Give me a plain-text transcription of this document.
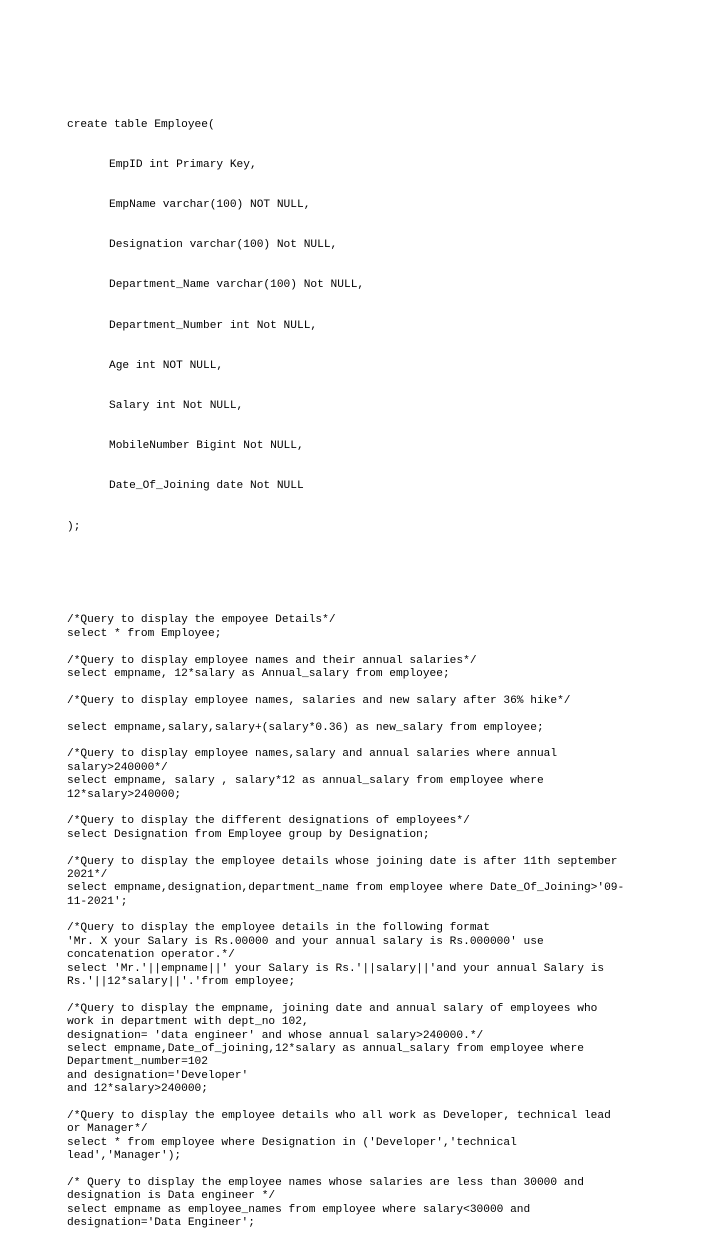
create table Employee(

EmpID int Primary Key,

EmpName varchar(100) NOT NULL,

Designation varchar(100) Not NULL,

Department_Name varchar(100) Not NULL,

Department_Number int Not NULL,

Age int NOT NULL,

Salary int Not NULL,

MobileNumber Bigint Not NULL,

Date_Of_Joining date Not NULL

);

/*Query to display the empoyee Details*/
select * from Employee;
/*Query to display employee names and their annual salaries*/
select empname, 12*salary as Annual_salary from employee;
/*Query to display employee names, salaries and new salary after 36% hike*/
select empname,salary,salary+(salary*0.36) as new_salary from employee;
/*Query to display employee names,salary and annual salaries where annual
salary>240000*/
select empname, salary , salary*12 as annual_salary from employee where
12*salary>240000;
/*Query to display the different designations of employees*/
select Designation from Employee group by Designation;
/*Query to display the employee details whose joining date is after 11th september
2021*/
select empname,designation,department_name from employee where Date_Of_Joining>'09-
11-2021';
/*Query to display the employee details in the following format
'Mr. X your Salary is Rs.00000 and your annual salary is Rs.000000' use
concatenation operator.*/
select 'Mr.'||empname||' your Salary is Rs.'||salary||'and your annual Salary is
Rs.'||12*salary||'.'from employee;
/*Query to display the empname, joining date and annual salary of employees who
work in department with dept_no 102,
designation= 'data engineer' and whose annual salary>240000.*/
select empname,Date_of_joining,12*salary as annual_salary from employee where
Department_number=102
and designation='Developer'
and 12*salary>240000;
/*Query to display the employee details who all work as Developer, technical lead
or Manager*/
select * from employee where Designation in ('Developer','technical
lead','Manager');
/* Query to display the employee names whose salaries are less than 30000 and
designation is Data engineer */
select empname as employee_names from employee where salary<30000 and
designation='Data Engineer';
